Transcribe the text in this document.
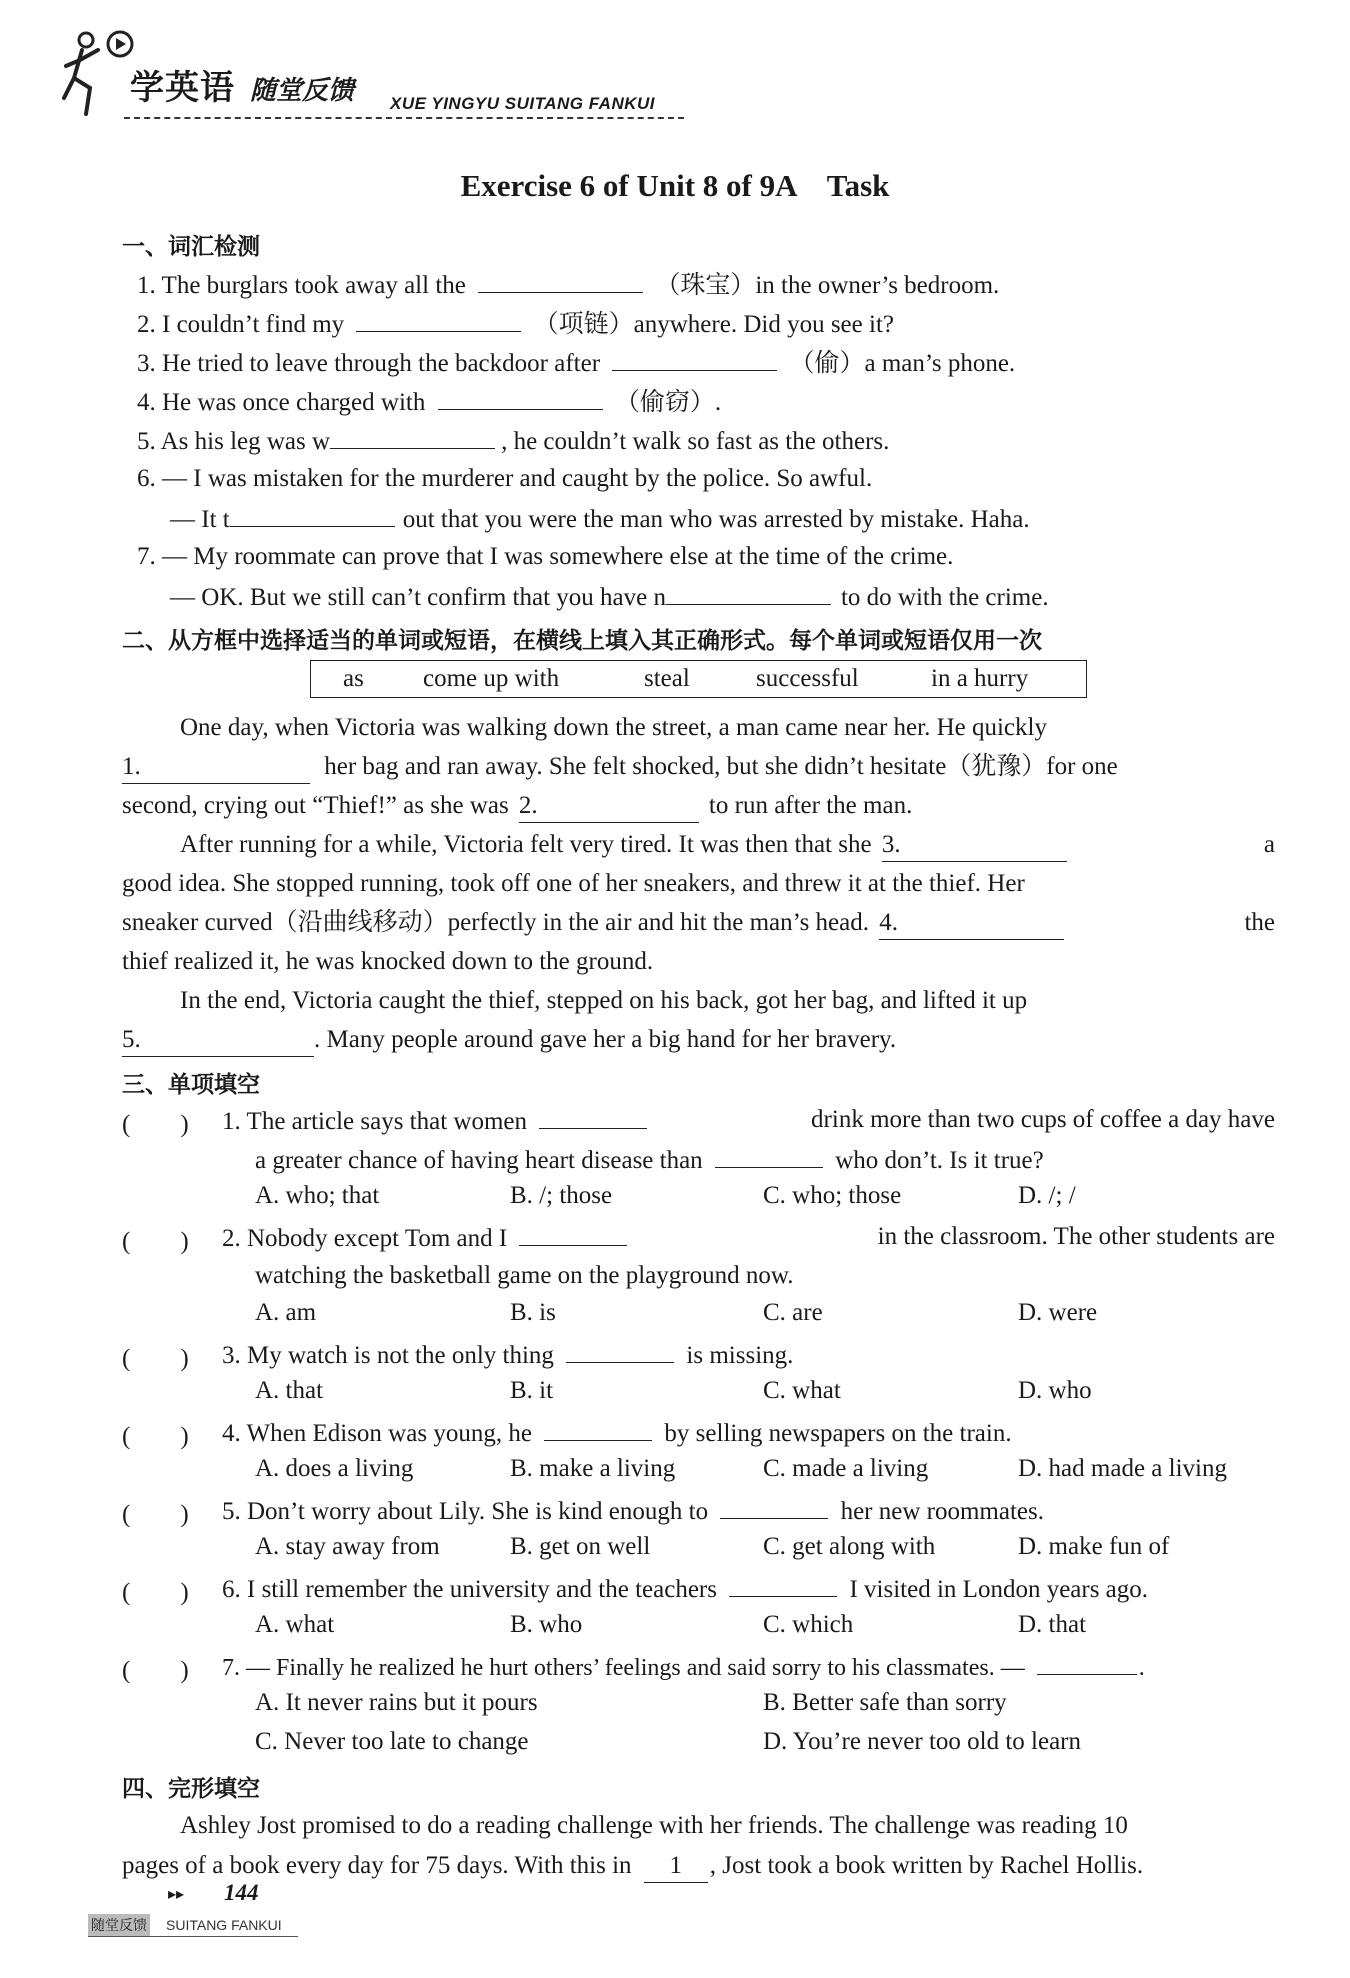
学英语 随堂反馈 XUE YINGYU SUITANG FANKUI
Exercise 6 of Unit 8 of 9A　Task
一、词汇检测
1. The burglars took away all the	（珠宝）in the owner’s bedroom.
2. I couldn’t find my	（项链）anywhere. Did you see it?
3. He tried to leave through the backdoor after	（偷）a man’s phone.
4. He was once charged with	（偷窃）.
5. As his leg was w	, he couldn’t walk so fast as the others.
6. — I was mistaken for the murderer and caught by the police. So awful.
— It t	out that you were the man who was arrested by mistake. Haha.
7. — My roommate can prove that I was somewhere else at the time of the crime.
— OK. But we still can’t confirm that you have n	to do with the crime.
二、从方框中选择适当的单词或短语，在横线上填入其正确形式。每个单词或短语仅用一次
as come up with	steal	successful	in a hurry
One day, when Victoria was walking down the street, a man came near her. He quickly
1.	her bag and ran away. She felt shocked, but she didn’t hesitate（犹豫）for one
second, crying out “Thief!” as she was 2.	to run after the man.
After running for a while, Victoria felt very tired. It was then that she 3.	a
good idea. She stopped running, took off one of her sneakers, and threw it at the thief. Her
sneaker curved（沿曲线移动）perfectly in the air and hit the man’s head. 4.	the
thief realized it, he was knocked down to the ground.
In the end, Victoria caught the thief, stepped on his back, got her bag, and lifted it up
5.	. Many people around gave her a big hand for her bravery.
三、单项填空
(　　) 1. The article says that women	drink more than two cups of coffee a day have
a greater chance of having heart disease than	who don’t. Is it true?
A. who; that	B. /; those	C. who; those	D. /; /
(　　) 2. Nobody except Tom and I	in the classroom. The other students are
watching the basketball game on the playground now.
A. am	B. is	C. are	D. were
(　　) 3. My watch is not the only thing	is missing.
A. that	B. it	C. what	D. who
(　　) 4. When Edison was young, he	by selling newspapers on the train.
A. does a living	B. make a living	C. made a living	D. had made a living
(　　) 5. Don’t worry about Lily. She is kind enough to	her new roommates.
A. stay away from	B. get on well	C. get along with	D. make fun of
(　　) 6. I still remember the university and the teachers	I visited in London years ago.
A. what	B. who	C. which	D. that
(　　) 7. — Finally he realized he hurt others’ feelings and said sorry to his classmates. —	.
A. It never rains but it pours	B. Better safe than sorry
C. Never too late to change	D. You’re never too old to learn
四、完形填空
Ashley Jost promised to do a reading challenge with her friends. The challenge was reading 10
pages of a book every day for 75 days. With this in 1 , Jost took a book written by Rachel Hollis.
▸▸ 144
随堂反馈 SUITANG FANKUI
